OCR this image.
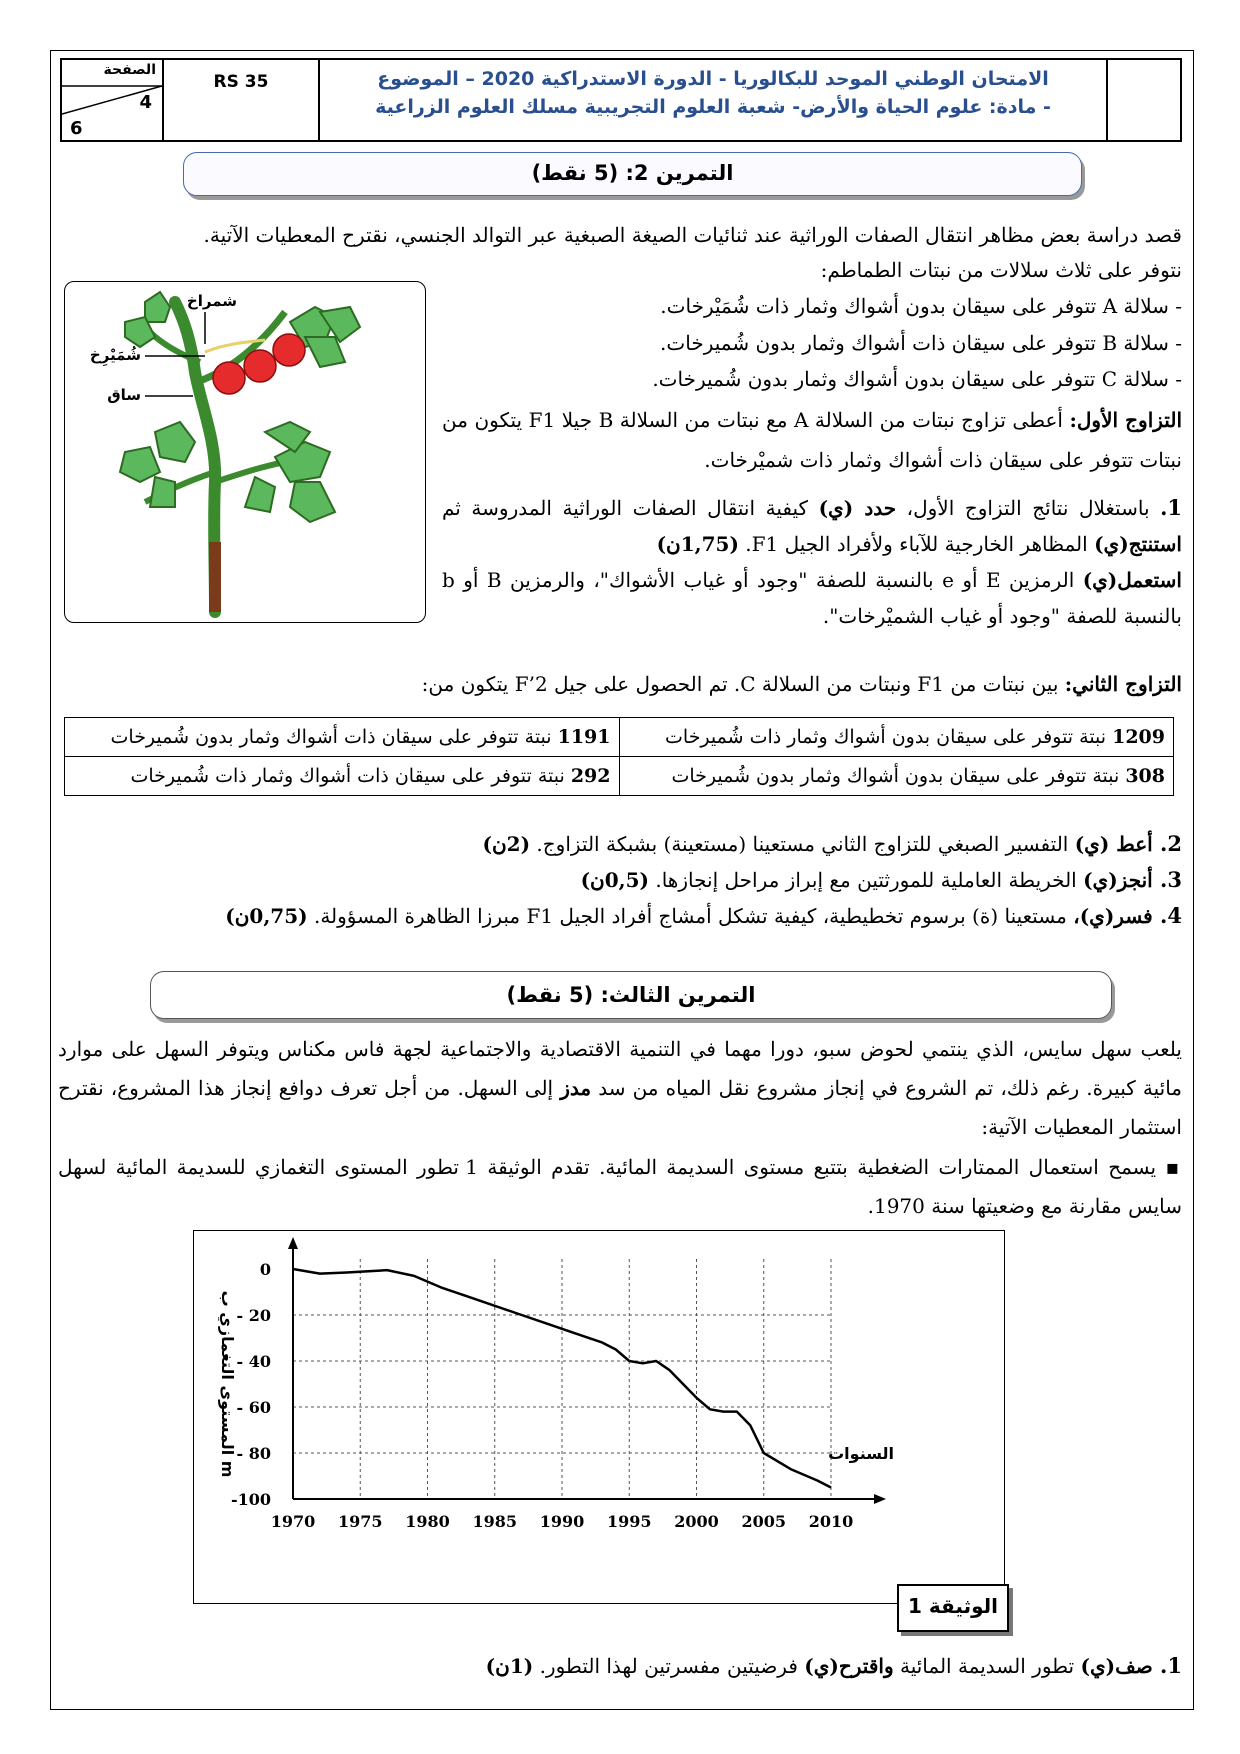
الصفحة
4
6
RS 35	الامتحان الوطني الموحد للبكالوريا - الدورة الاستدراكية 2020 – الموضوع
- مادة: علوم الحياة والأرض- شعبة العلوم التجريبية مسلك العلوم الزراعية
التمرين 2: (5 نقط)
قصد دراسة بعض مظاهر انتقال الصفات الوراثية عند ثنائيات الصيغة الصبغية عبر التوالد الجنسي، نقترح المعطيات الآتية.
نتوفر على ثلاث سلالات من نبتات الطماطم:
- سلالة A تتوفر على سيقان بدون أشواك وثمار ذات شُمَيْرخات.
- سلالة B تتوفر على سيقان ذات أشواك وثمار بدون شُميرخات.
- سلالة C تتوفر على سيقان بدون أشواك وثمار بدون شُميرخات.
التزاوج الأول: أعطى تزاوج نبتات من السلالة A مع نبتات من السلالة B جيلا F1 يتكون من نبتات تتوفر على سيقان ذات أشواك وثمار ذات شميْرخات.
1. باستغلال نتائج التزاوج الأول، حدد (ي) كيفية انتقال الصفات الوراثية المدروسة ثم استنتج(ي) المظاهر الخارجية للآباء ولأفراد الجيل F1. (1,75ن)
استعمل(ي) الرمزين E أو e بالنسبة للصفة "وجود أو غياب الأشواك"، والرمزين B أو b بالنسبة للصفة "وجود أو غياب الشميْرخات".
شمراخ
شُمَيْرِخ
ساق
التزاوج الثاني: بين نبتات من F1 ونبتات من السلالة C. تم الحصول على جيل F’2 يتكون من:
1209 نبتة تتوفر على سيقان بدون أشواك وثمار ذات شُميرخات	1191 نبتة تتوفر على سيقان ذات أشواك وثمار بدون شُميرخات
308 نبتة تتوفر على سيقان بدون أشواك وثمار بدون شُميرخات	292 نبتة تتوفر على سيقان ذات أشواك وثمار ذات شُميرخات
2. أعط (ي) التفسير الصبغي للتزاوج الثاني مستعينا (مستعينة) بشبكة التزاوج. (2ن)
3. أنجز(ي) الخريطة العاملية للمورثتين مع إبراز مراحل إنجازها. (0,5ن)
4. فسر(ي)، مستعينا (ة) برسوم تخطيطية، كيفية تشكل أمشاج أفراد الجيل F1 مبرزا الظاهرة المسؤولة. (0,75ن)
التمرين الثالث: (5 نقط)
يلعب سهل سايس، الذي ينتمي لحوض سبو، دورا مهما في التنمية الاقتصادية والاجتماعية لجهة فاس مكناس ويتوفر السهل على موارد مائية كبيرة. رغم ذلك، تم الشروع في إنجاز مشروع نقل المياه من سد مدز إلى السهل. من أجل تعرف دوافع إنجاز هذا المشروع، نقترح استثمار المعطيات الآتية:
▪ يسمح استعمال الممتارات الضغطية بتتبع مستوى السديمة المائية. تقدم الوثيقة 1 تطور المستوى التغمازي للسديمة المائية لسهل سايس مقارنة مع وضعيتها سنة 1970.
1970 1975 1980 1985 1990 1995 2000 2005 2010
0
- 20
- 40
- 60
- 80
-100
السنوات
المستوى التغمازي ب m
الوثيقة 1
1. صف(ي) تطور السديمة المائية واقترح(ي) فرضيتين مفسرتين لهذا التطور. (1ن)
